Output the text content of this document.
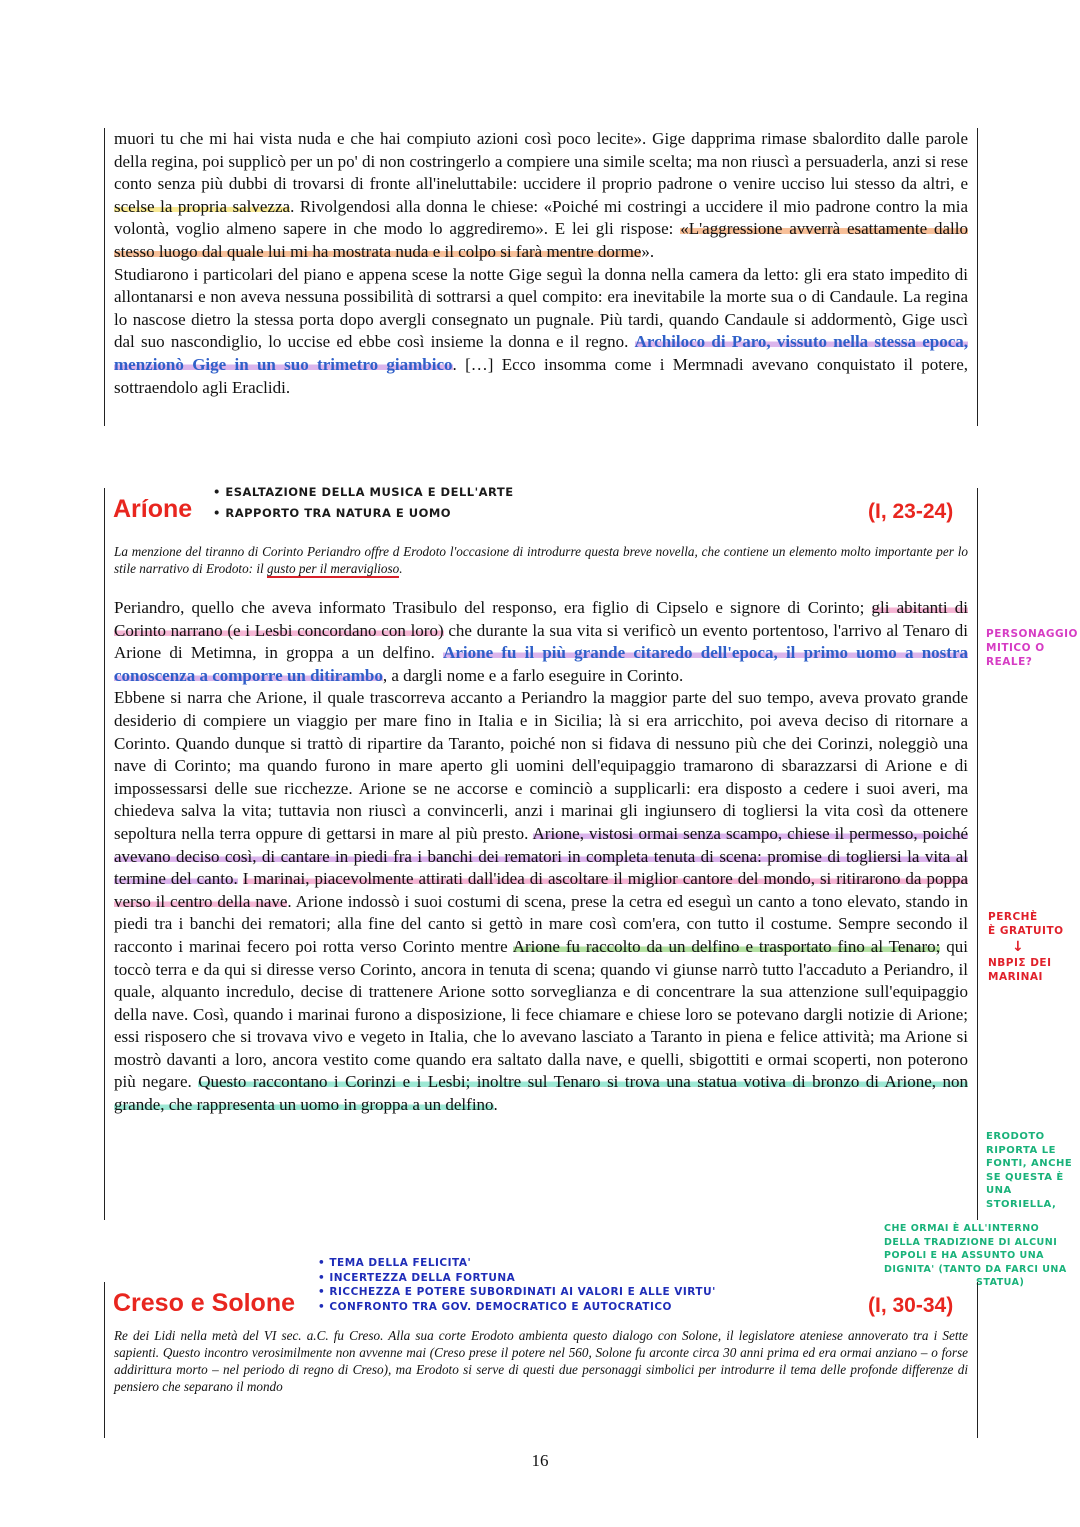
muori tu che mi hai vista nuda e che hai compiuto azioni così poco lecite». Gige dapprima rimase sbalordito dalle parole della regina, poi supplicò per un po' di non costringerlo a compiere una simile scelta; ma non riuscì a persuaderla, anzi si rese conto senza più dubbi di trovarsi di fronte all'ineluttabile: uccidere il proprio padrone o venire ucciso lui stesso da altri, e scelse la propria salvezza. Rivolgendosi alla donna le chiese: «Poiché mi costringi a uccidere il mio padrone contro la mia volontà, voglio almeno sapere in che modo lo aggrediremo». E lei gli rispose: «L'aggressione avverrà esattamente dallo stesso luogo dal quale lui mi ha mostrata nuda e il colpo si farà mentre dorme».

Studiarono i particolari del piano e appena scese la notte Gige seguì la donna nella camera da letto: gli era stato impedito di allontanarsi e non aveva nessuna possibilità di sottrarsi a quel compito: era inevitabile la morte sua o di Candaule. La regina lo nascose dietro la stessa porta dopo avergli consegnato un pugnale. Più tardi, quando Candaule si addormentò, Gige uscì dal suo nascondiglio, lo uccise ed ebbe così insieme la donna e il regno. Archiloco di Paro, vissuto nella stessa epoca, menzionò Gige in un suo trimetro giambico. […] Ecco insomma come i Mermnadi avevano conquistato il potere, sottraendolo agli Eraclidi.

Aríone
• ESALTAZIONE DELLA MUSICA E DELL'ARTE
• RAPPORTO TRA NATURA E UOMO	(I, 23-24)

La menzione del tiranno di Corinto Periandro offre d Erodoto l'occasione di introdurre questa breve novella, che contiene un elemento molto importante per lo stile narrativo di Erodoto: il gusto per il meraviglioso.

Periandro, quello che aveva informato Trasibulo del responso, era figlio di Cipselo e signore di Corinto; gli abitanti di Corinto narrano (e i Lesbi concordano con loro) che durante la sua vita si verificò un evento portentoso, l'arrivo al Tenaro di Arione di Metimna, in groppa a un delfino. Arione fu il più grande citaredo dell'epoca, il primo uomo a nostra conoscenza a comporre un ditirambo, a dargli nome e a farlo eseguire in Corinto.

Ebbene si narra che Arione, il quale trascorreva accanto a Periandro la maggior parte del suo tempo, aveva provato grande desiderio di compiere un viaggio per mare fino in Italia e in Sicilia; là si era arricchito, poi aveva deciso di ritornare a Corinto. Quando dunque si trattò di ripartire da Taranto, poiché non si fidava di nessuno più che dei Corinzi, noleggiò una nave di Corinto; ma quando furono in mare aperto gli uomini dell'equipaggio tramarono di sbarazzarsi di Arione e di impossessarsi delle sue ricchezze. Arione se ne accorse e cominciò a supplicarli: era disposto a cedere i suoi averi, ma chiedeva salva la vita; tuttavia non riuscì a convincerli, anzi i marinai gli ingiunsero di togliersi la vita così da ottenere sepoltura nella terra oppure di gettarsi in mare al più presto. Arione, vistosi ormai senza scampo, chiese il permesso, poiché avevano deciso così, di cantare in piedi fra i banchi dei rematori in completa tenuta di scena: promise di togliersi la vita al termine del canto. I marinai, piacevolmente attirati dall'idea di ascoltare il miglior cantore del mondo, si ritirarono da poppa verso il centro della nave. Arione indossò i suoi costumi di scena, prese la cetra ed eseguì un canto a tono elevato, stando in piedi tra i banchi dei rematori; alla fine del canto si gettò in mare così com'era, con tutto il costume. Sempre secondo il racconto i marinai fecero poi rotta verso Corinto mentre Arione fu raccolto da un delfino e trasportato fino al Tenaro; qui toccò terra e da qui si diresse verso Corinto, ancora in tenuta di scena; quando vi giunse narrò tutto l'accaduto a Periandro, il quale, alquanto incredulo, decise di trattenere Arione sotto sorveglianza e di concentrare la sua attenzione sull'equipaggio della nave. Così, quando i marinai furono a disposizione, li fece chiamare e chiese loro se potevano dargli notizie di Arione; essi risposero che si trovava vivo e vegeto in Italia, che lo avevano lasciato a Taranto in piena e felice attività; ma Arione si mostrò davanti a loro, ancora vestito come quando era saltato dalla nave, e quelli, sbigottiti e ormai scoperti, non poterono più negare. Questo raccontano i Corinzi e i Lesbi; inoltre sul Tenaro si trova una statua votiva di bronzo di Arione, non grande, che rappresenta un uomo in groppa a un delfino.

PERSONAGGIO
MITICO O
REALE?
PERCHÈ
È GRATUITO
↓
ΝΒΡΙΣ DEI
MARINAI
ERODOTO
RIPORTA LE
FONTI, ANCHE
SE QUESTA È
UNA STORIELLA,
CHE ORMAI È ALL'INTERNO
DELLA TRADIZIONE DI ALCUNI
POPOLI E HA ASSUNTO UNA
DIGNITA' (TANTO DA FARCI UNA
STATUA)
• TEMA DELLA FELICITA'
• INCERTEZZA DELLA FORTUNA
• RICCHEZZA E POTERE SUBORDINATI AI VALORI E ALLE VIRTU'
• CONFRONTO TRA GOV. DEMOCRATICO E AUTOCRATICO
Creso e Solone	(I, 30-34)

Re dei Lidi nella metà del VI sec. a.C. fu Creso. Alla sua corte Erodoto ambienta questo dialogo con Solone, il legislatore ateniese annoverato tra i Sette sapienti. Questo incontro verosimilmente non avvenne mai (Creso prese il potere nel 560, Solone fu arconte circa 30 anni prima ed era ormai anziano – o forse addirittura morto – nel periodo di regno di Creso), ma Erodoto si serve di questi due personaggi simbolici per introdurre il tema delle profonde differenze di pensiero che separano il mondo

16
